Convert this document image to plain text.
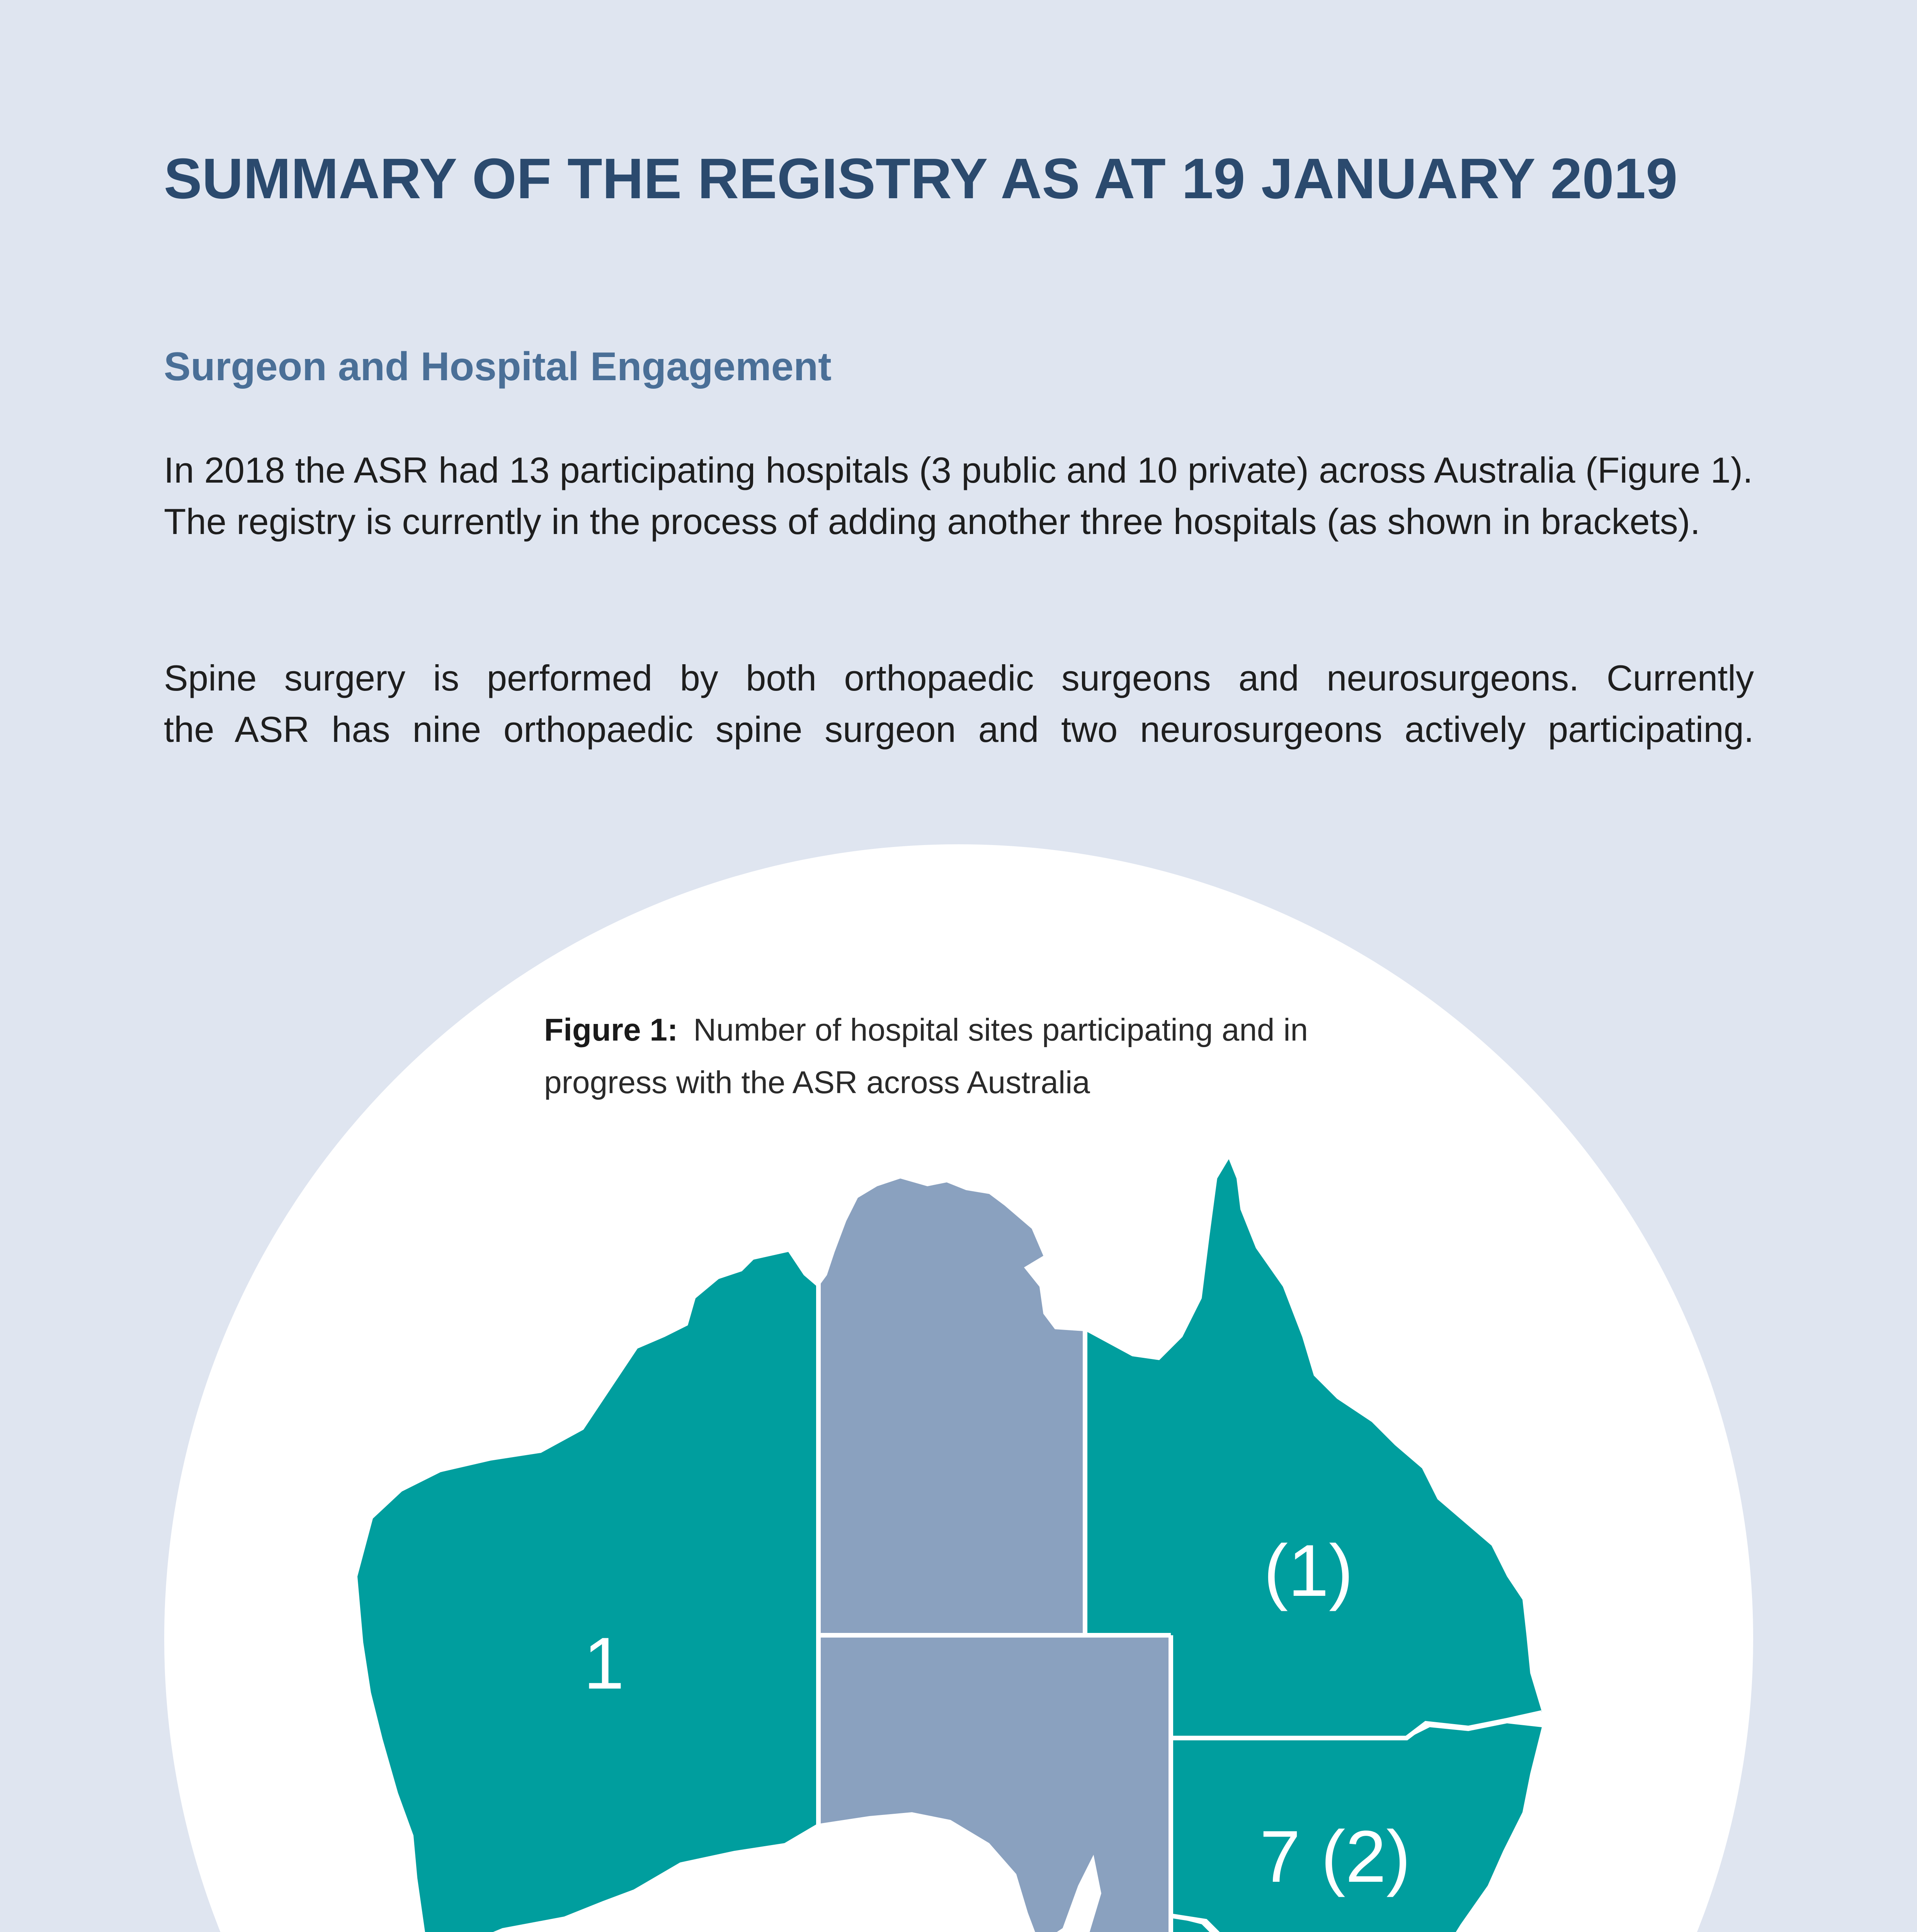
SUMMARY OF THE REGISTRY AS AT 19 JANUARY 2019
Surgeon and Hospital Engagement

In 2018 the ASR had 13 participating hospitals (3 public and 10 private) across Australia (Figure 1). The registry is currently in the process of adding another three hospitals (as shown in brackets).

Spine surgery is performed by both orthopaedic surgeons and neurosurgeons. Currently
the ASR has nine orthopaedic spine surgeon and two neurosurgeons actively participating.

Figure 1: Number of hospital sites participating and in progress with the ASR across Australia

1
(1)
7 (2)
